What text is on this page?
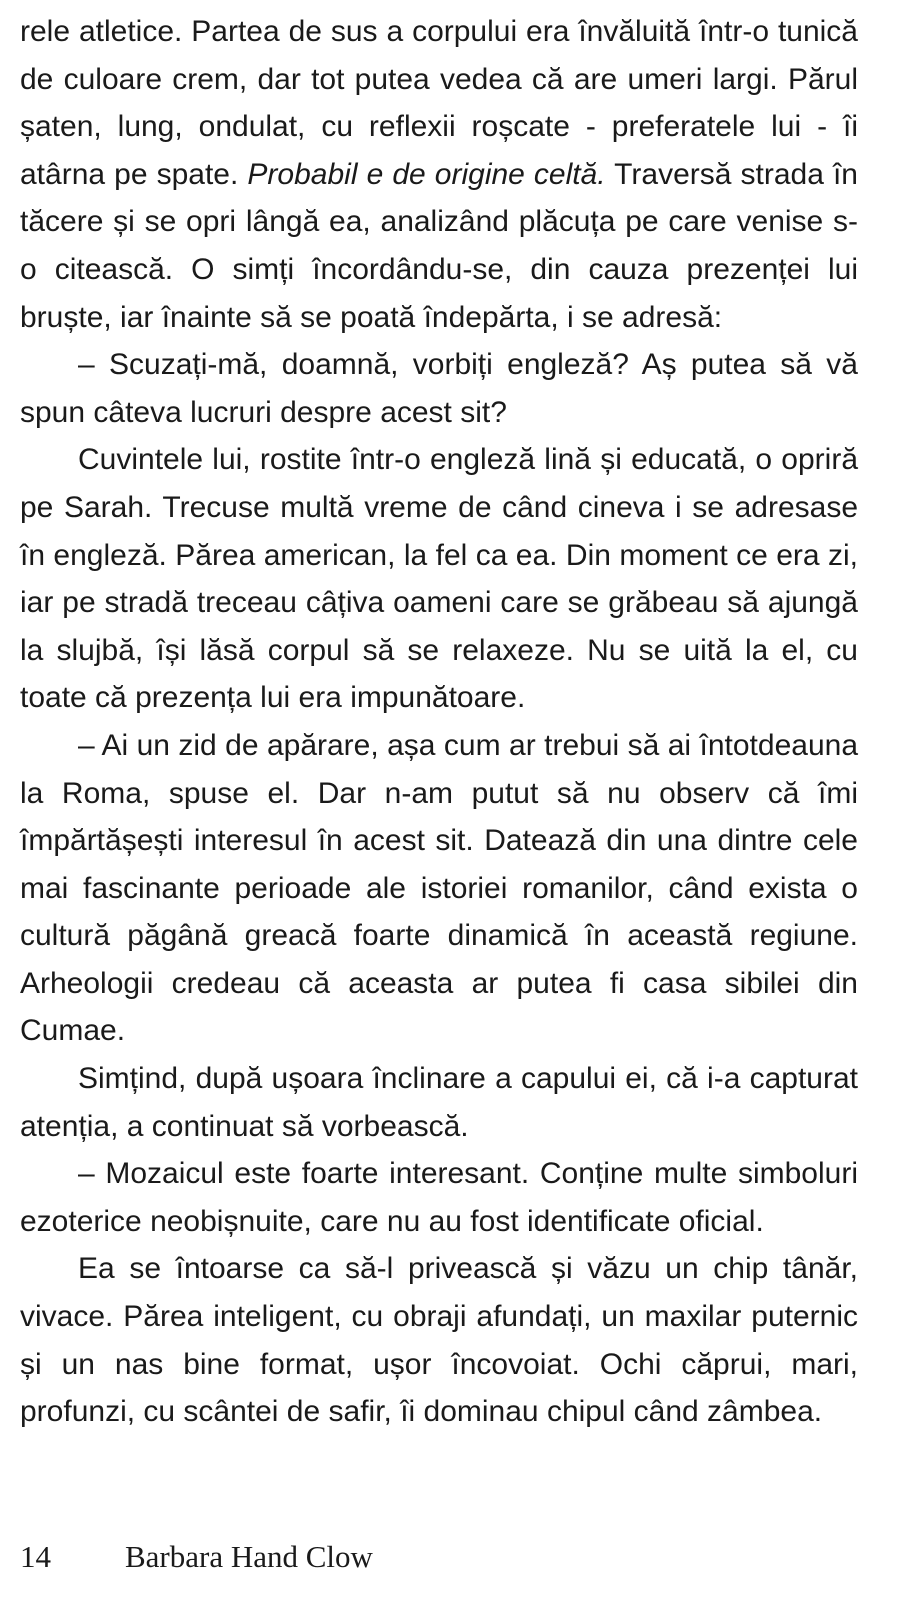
rele atletice. Partea de sus a corpului era învăluită într-o tunică de culoare crem, dar tot putea vedea că are umeri largi. Părul șaten, lung, ondulat, cu reflexii roșcate - preferatele lui - îi atârna pe spate. Probabil e de origine celtă. Traversă strada în tăcere și se opri lângă ea, analizând plăcuța pe care venise s-o citească. O simți încordându-se, din cauza prezenței lui bruște, iar înainte să se poată îndepărta, i se adresă:

– Scuzați-mă, doamnă, vorbiți engleză? Aș putea să vă spun câteva lucruri despre acest sit?

Cuvintele lui, rostite într-o engleză lină și educată, o opriră pe Sarah. Trecuse multă vreme de când cineva i se adresase în engleză. Părea american, la fel ca ea. Din moment ce era zi, iar pe stradă treceau câțiva oameni care se grăbeau să ajungă la slujbă, își lăsă corpul să se relaxeze. Nu se uită la el, cu toate că prezența lui era impunătoare.

– Ai un zid de apărare, așa cum ar trebui să ai întotdeauna la Roma, spuse el. Dar n-am putut să nu observ că îmi împărtășești interesul în acest sit. Datează din una dintre cele mai fascinante perioade ale istoriei romanilor, când exista o cultură păgână greacă foarte dinamică în această regiune. Arheologii credeau că aceasta ar putea fi casa sibilei din Cumae.

Simțind, după ușoara înclinare a capului ei, că i-a capturat atenția, a continuat să vorbească.

– Mozaicul este foarte interesant. Conține multe simboluri ezoterice neobișnuite, care nu au fost identificate oficial.

Ea se întoarse ca să-l privească și văzu un chip tânăr, vivace. Părea inteligent, cu obraji afundați, un maxilar puternic și un nas bine format, ușor încovoiat. Ochi căprui, mari, profunzi, cu scântei de safir, îi dominau chipul când zâmbea.

14 Barbara Hand Clow
